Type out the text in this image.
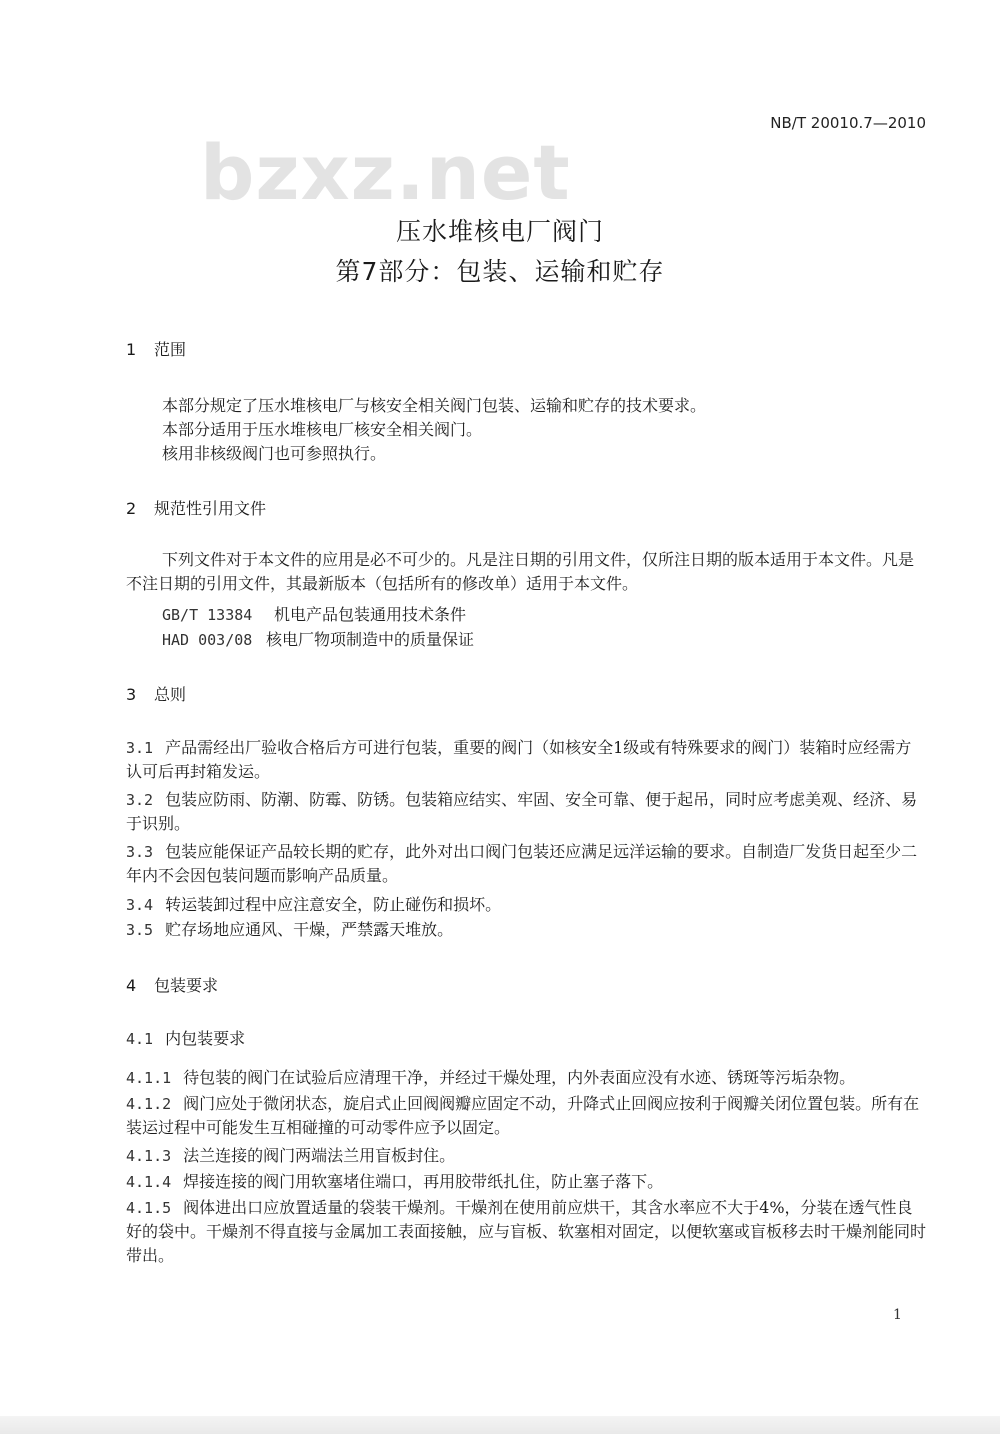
bzxz.net
NB/T 20010.7—2010
压水堆核电厂阀门
第7部分：包装、运输和贮存
1 范围
本部分规定了压水堆核电厂与核安全相关阀门包装、运输和贮存的技术要求。
本部分适用于压水堆核电厂核安全相关阀门。
核用非核级阀门也可参照执行。
2 规范性引用文件
下列文件对于本文件的应用是必不可少的。凡是注日期的引用文件，仅所注日期的版本适用于本文件。凡是不注日期的引用文件，其最新版本（包括所有的修改单）适用于本文件。
GB/T 13384 机电产品包装通用技术条件
HAD 003/08 核电厂物项制造中的质量保证
3 总则
3.1 产品需经出厂验收合格后方可进行包装，重要的阀门（如核安全1级或有特殊要求的阀门）装箱时应经需方认可后再封箱发运。
3.2 包装应防雨、防潮、防霉、防锈。包装箱应结实、牢固、安全可靠、便于起吊，同时应考虑美观、经济、易于识别。
3.3 包装应能保证产品较长期的贮存，此外对出口阀门包装还应满足远洋运输的要求。自制造厂发货日起至少二年内不会因包装问题而影响产品质量。
3.4 转运装卸过程中应注意安全，防止碰伤和损坏。
3.5 贮存场地应通风、干燥，严禁露天堆放。
4 包装要求
4.1 内包装要求
4.1.1 待包装的阀门在试验后应清理干净，并经过干燥处理，内外表面应没有水迹、锈斑等污垢杂物。
4.1.2 阀门应处于微闭状态，旋启式止回阀阀瓣应固定不动，升降式止回阀应按利于阀瓣关闭位置包装。所有在装运过程中可能发生互相碰撞的可动零件应予以固定。
4.1.3 法兰连接的阀门两端法兰用盲板封住。
4.1.4 焊接连接的阀门用软塞堵住端口，再用胶带纸扎住，防止塞子落下。
4.1.5 阀体进出口应放置适量的袋装干燥剂。干燥剂在使用前应烘干，其含水率应不大于4%，分装在透气性良好的袋中。干燥剂不得直接与金属加工表面接触，应与盲板、软塞相对固定，以便软塞或盲板移去时干燥剂能同时带出。
1
